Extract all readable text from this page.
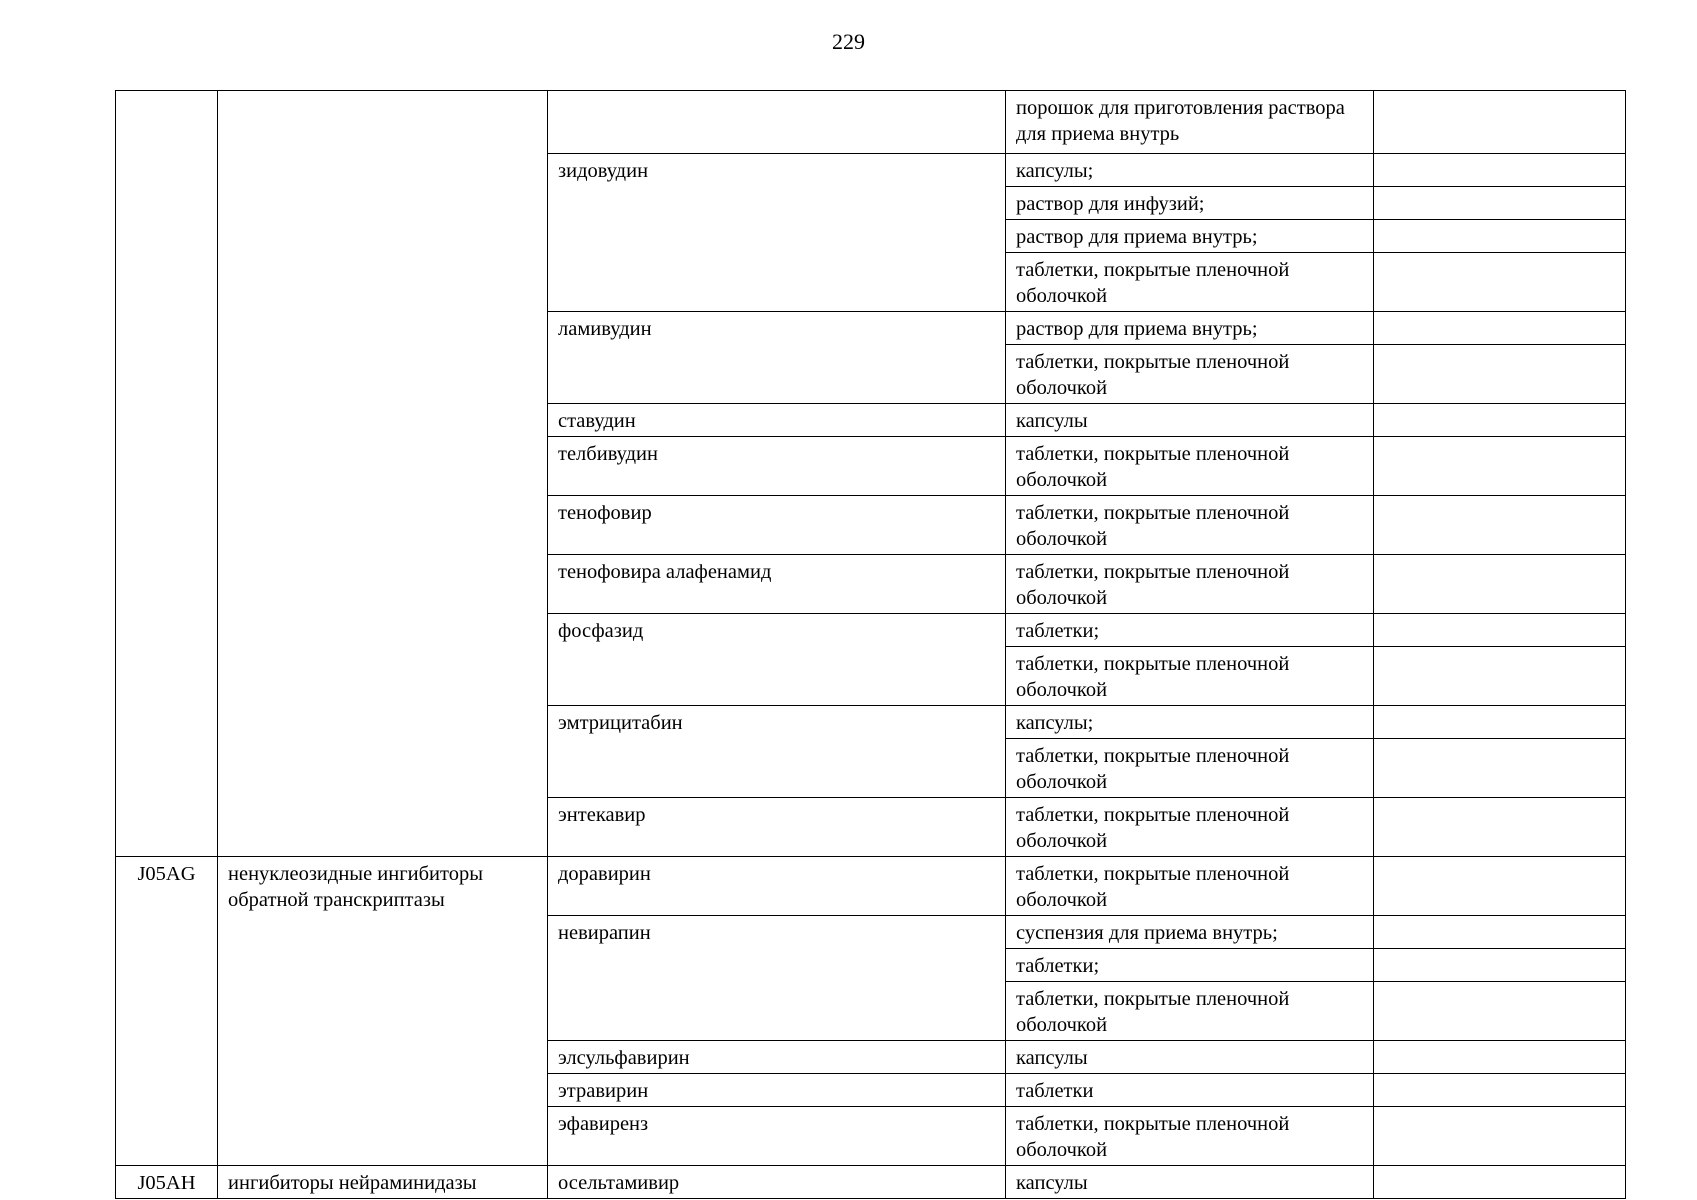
229
			порошок для приготовления раствора для приема внутрь	
		зидовудин	капсулы;	
			раствор для инфузий;	
			раствор для приема внутрь;	
			таблетки, покрытые пленочной оболочкой	
		ламивудин	раствор для приема внутрь;	
			таблетки, покрытые пленочной оболочкой	
		ставудин	капсулы	
		телбивудин	таблетки, покрытые пленочной оболочкой	
		тенофовир	таблетки, покрытые пленочной оболочкой	
		тенофовира алафенамид	таблетки, покрытые пленочной оболочкой	
		фосфазид	таблетки;	
			таблетки, покрытые пленочной оболочкой	
		эмтрицитабин	капсулы;	
			таблетки, покрытые пленочной оболочкой	
		энтекавир	таблетки, покрытые пленочной оболочкой	
J05AG	ненуклеозидные ингибиторы обратной транскриптазы	доравирин	таблетки, покрытые пленочной оболочкой	
		невирапин	суспензия для приема внутрь;	
			таблетки;	
			таблетки, покрытые пленочной оболочкой	
		элсульфавирин	капсулы	
		этравирин	таблетки	
		эфавиренз	таблетки, покрытые пленочной оболочкой	
J05AH	ингибиторы нейраминидазы	осельтамивир	капсулы	
